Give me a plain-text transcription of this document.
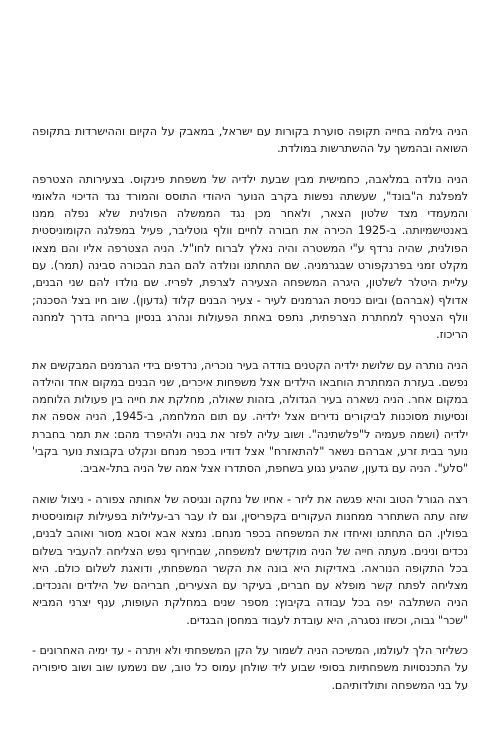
הניה גילמה בחייה תקופה סוערת בקורות עם ישראל, במאבק על הקיום וההישרדות בתקופה השואה ובהמשך על ההשתרשות במולדת.

הניה נולדה במלאבה, כחמישית מבין שבעת ילדיה של משפחת פינקוס. בצעירותה הצטרפה למפלגת ה"בונד", שעשתה נפשות בקרב הנוער היהודי התוסס והמורד נגד הדיכוי הלאומי והמעמדי מצד שלטון הצאר, ולאחר מכן נגד הממשלה הפולנית שלא נפלה ממנו באנטישמיותה. ב-1925 הכירה את חבורה לחיים וולף גוטליבר, פעיל במפלגה הקומוניסטית הפולנית, שהיה נרדף ע"י המשטרה והיה נאלץ לברוח לחו"ל. הניה הצטרפה אליו והם מצאו מקלט זמני בפרנקפורט שבגרמניה. שם התחתנו ונולדה להם הבת הבכורה סבינה (תמר). עם עליית היטלר לשלטון, היגרה המשפחה הצעירה לצרפת, לפריז. שם נולדו להם שני הבנים, אדולף (אברהם) וביום כניסת הגרמנים לעיר - צעיר הבנים קלוד (גדעון). שוב חיו בצל הסכנה; וולף הצטרף למחתרת הצרפתית, נתפס באחת הפעולות ונהרג בנסיון בריחה בדרך למחנה הריכוז.

הניה נותרה עם שלושת ילדיה הקטנים בודדה בעיר נוכריה, נרדפים בידי הגרמנים המבקשים את נפשם. בעזרת המחתרת הוחבאו הילדים אצל משפחות איכרים, שני הבנים במקום אחד והילדה במקום אחר. הניה נשארה בעיר הגדולה, בזהות שאולה, מחלקת את חייה בין פעולות הלוחמה ונסיעות מסוכנות לביקורים נדירים אצל ילדיה. עם תום המלחמה, ב-1945, הניה אספה את ילדיה (ושמה פעמיה ל"פלשתינה". ושוב עליה לפזר את בניה ולהיפרד מהם: את תמר בחברת נוער בבית זרע, אברהם נשאר "להתאזרח" אצל דודיו בכפר מנחם ונקלט בקבוצת נוער בקבי' "סלע". הניה עם גדעון, שהגיע נגוע בשחפת, הסתדרו אצל אמה של הניה בתל-אביב.

רצה הגורל הטוב והיא פגשה את ליזר - אחיו של נחקה ונגיסה של אחותה צפורה - ניצול שואה שזה עתה השתחרר ממחנות העקורים בקפריסין, וגם לו עבר רב-עלילות בפעילות קומוניסטית בפולין. הם התחתנו ואיחדו את המשפחה בכפר מנחם. נמצא אבא וסבא מסור ואוהב לבנים, נכדים ונינים. מעתה חייה של הניה מוקדשים למשפחה, שבחירוף נפש הצליחה להעביר בשלום בכל התקופה הנוראה. באדיקות היא בונה את הקשר המשפחתי, ודואגת לשלום כולם. היא מצליחה לפתח קשר מופלא עם חברים, בעיקר עם הצעירים, חבריהם של הילדים והנכדים. הניה השתלבה יפה בכל עבודה בקיבוץ: מספר שנים במחלקת העופות, ענף יצרני המביא "שכר" גבוה, וכשזו נסגרה, היא עובדת לעבוד במחסן הבגדים.

כשליזר הלך לעולמו, המשיכה הניה לשמור על הקן המשפחתי ולא ויתרה - עד ימיה האחרונים - על התכנסויות משפחתיות בסופי שבוע ליד שולחן עמוס כל טוב, שם נשמעו שוב ושוב סיפוריה על בני המשפחה ותולדותיהם.
